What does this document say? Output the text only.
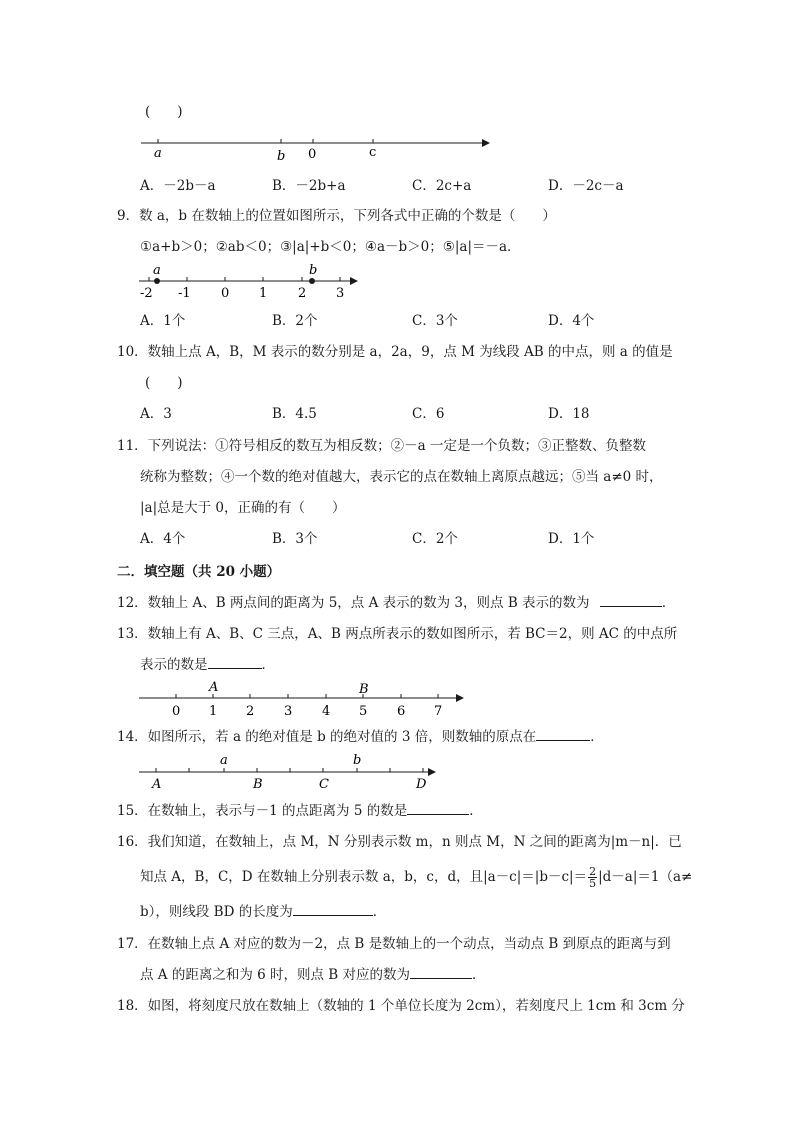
(　　)
a	b 0	c
A．－2b－a	B．－2b+a	C．2c+a	D．－2c－a
9．数 a，b 在数轴上的位置如图所示，下列各式中正确的个数是（　　）
①a+b＞0；②ab＜0；③|a|+b＜0；④a－b＞0；⑤|a|＝－a．
a	b
-2 -1 0 1 2 3
A．1个	B．2个	C．3个	D．4个
10．数轴上点 A，B，M 表示的数分别是 a，2a，9，点 M 为线段 AB 的中点，则 a 的值是
(　　)
A．3	B．4.5	C．6	D．18
11．下列说法：①符号相反的数互为相反数；②－a 一定是一个负数；③正整数、负整数
统称为整数；④一个数的绝对值越大，表示它的点在数轴上离原点越远；⑤当 a≠0 时，
|a|总是大于 0，正确的有（　　）
A．4个	B．3个	C．2个	D．1个
二．填空题（共 20 小题）
12．数轴上 A、B 两点间的距离为 5，点 A 表示的数为 3，则点 B 表示的数为	．
13．数轴上有 A、B、C 三点，A、B 两点所表示的数如图所示，若 BC＝2，则 AC 的中点所
表示的数是	．
A	B
0 1 2 3 4 5 6 7
14．如图所示，若 a 的绝对值是 b 的绝对值的 3 倍，则数轴的原点在	．
a	b
A	B	C	D
15．在数轴上，表示与－1 的点距离为 5 的数是	．
16．我们知道，在数轴上，点 M，N 分别表示数 m，n 则点 M，N 之间的距离为|m－n|．已
知点 A，B，C，D 在数轴上分别表示数 a，b，c，d，且$|a-c|=|b-c|= \frac{2}{5} |d-a|=1(a\ne$
b），则线段 BD 的长度为	．
17．在数轴上点 A 对应的数为－2，点 B 是数轴上的一个动点，当动点 B 到原点的距离与到
点 A 的距离之和为 6 时，则点 B 对应的数为	．
18．如图，将刻度尺放在数轴上（数轴的 1 个单位长度为 2cm），若刻度尺上 1cm 和 3cm 分
